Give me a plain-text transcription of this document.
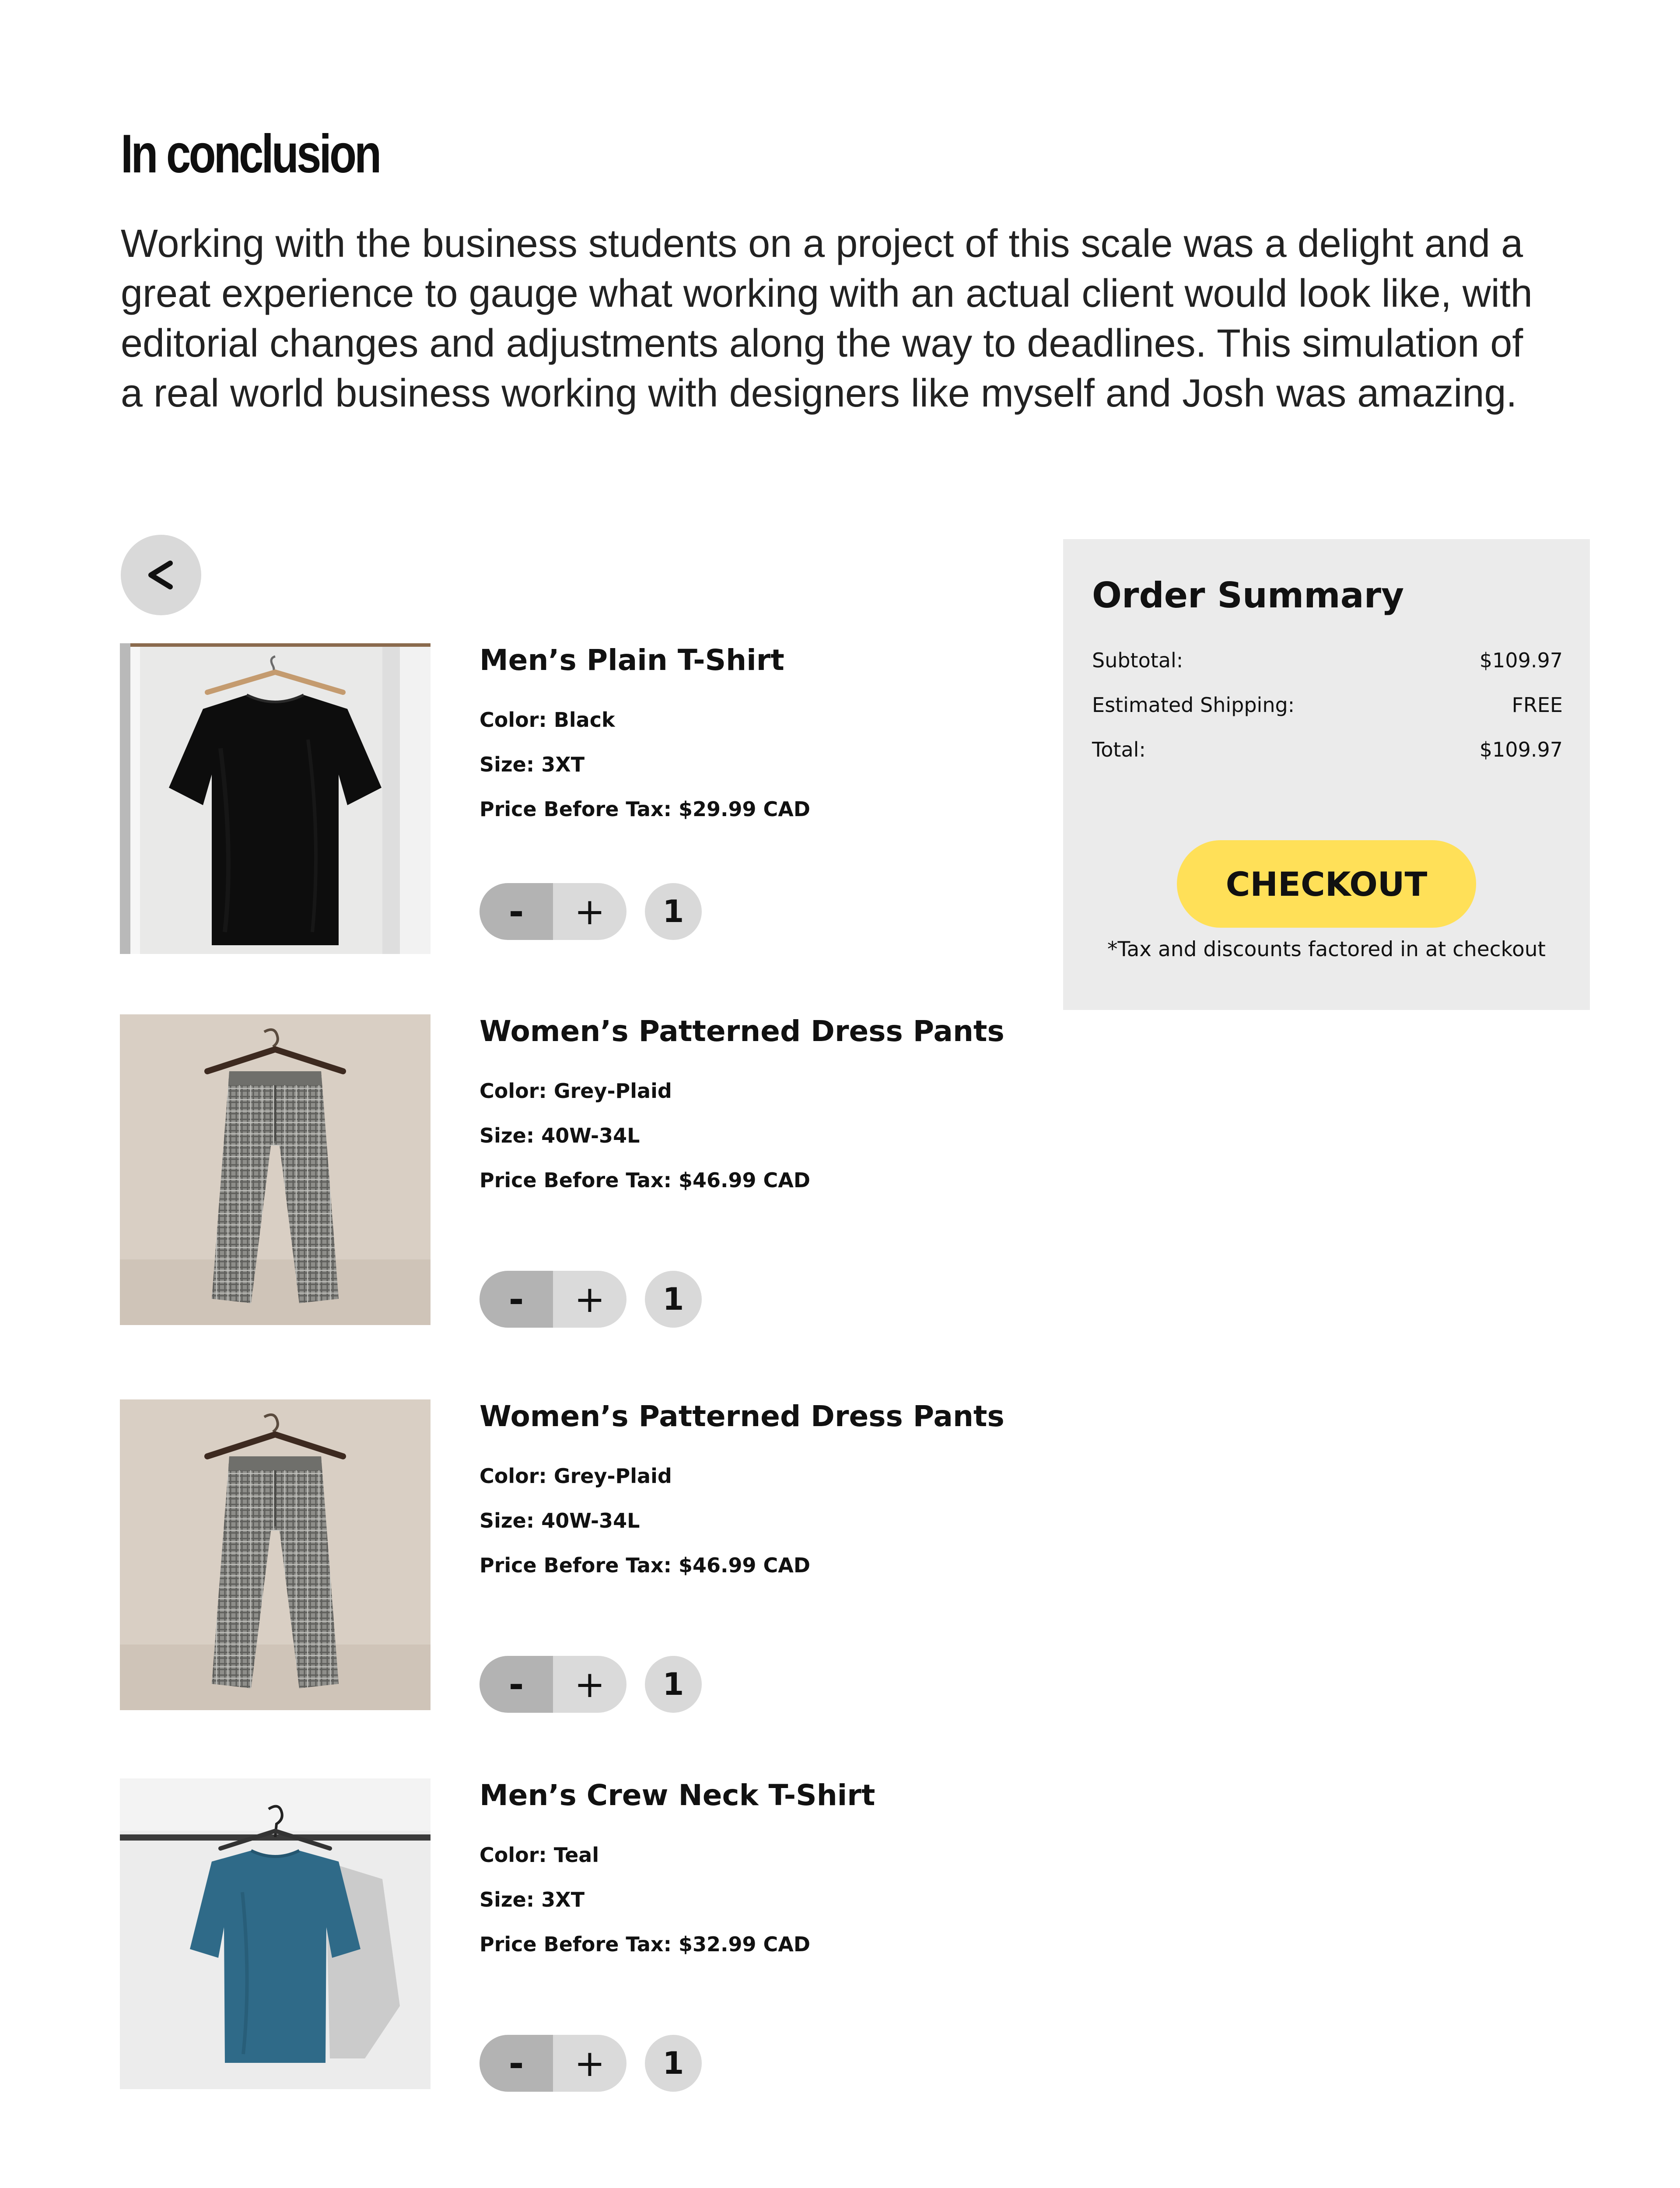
In conclusion

Working with the business students on a project of this scale was a delight and a great experience to gauge what working with an actual client would look like, with editorial changes and adjustments along the way to deadlines. This simulation of a real world business working with designers like myself and Josh was amazing.

Men’s Plain T-Shirt
Color: Black
Size: 3XT
Price Before Tax: $29.99 CAD
-	+	1
Women’s Patterned Dress Pants
Color: Grey-Plaid
Size: 40W-34L
Price Before Tax: $46.99 CAD
-	+	1
Women’s Patterned Dress Pants
Color: Grey-Plaid
Size: 40W-34L
Price Before Tax: $46.99 CAD
-	+	1
Men’s Crew Neck T-Shirt
Color: Teal
Size: 3XT
Price Before Tax: $32.99 CAD
-	+	1
Order Summary
Subtotal:	$109.97
Estimated Shipping:	FREE
Total:	$109.97
CHECKOUT
*Tax and discounts factored in at checkout
